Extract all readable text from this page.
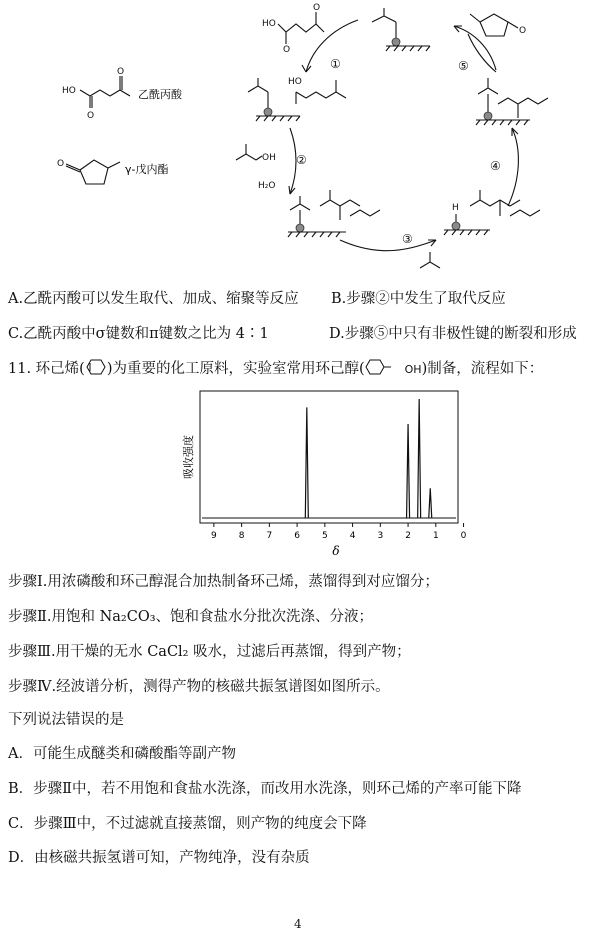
HO
O
O
乙酰丙酸
O	γ-戊内酯
HO
O
O
O
HO
OH
H₂O
H
①
②
③
④
⑤
A.乙酰丙酸可以发生取代、加成、缩聚等反应 B.步骤②中发生了取代反应
C.乙酰丙酸中σ键数和π键数之比为 4∶1	D.步骤⑤中只有非极性键的断裂和形成
11. 环己烯( )为重要的化工原料，实验室常用环己醇(	OH)制备，流程如下：
吸收强度
δ
9 8 7 6 5 4 3 2 1 0
步骤Ⅰ.用浓磷酸和环己醇混合加热制备环己烯，蒸馏得到对应馏分；
步骤Ⅱ.用饱和 Na₂CO₃、饱和食盐水分批次洗涤、分液；
步骤Ⅲ.用干燥的无水 CaCl₂ 吸水，过滤后再蒸馏，得到产物；
步骤Ⅳ.经波谱分析，测得产物的核磁共振氢谱图如图所示。
下列说法错误的是
A．可能生成醚类和磷酸酯等副产物
B．步骤Ⅱ中，若不用饱和食盐水洗涤，而改用水洗涤，则环己烯的产率可能下降
C．步骤Ⅲ中，不过滤就直接蒸馏，则产物的纯度会下降
D．由核磁共振氢谱可知，产物纯净，没有杂质
4
